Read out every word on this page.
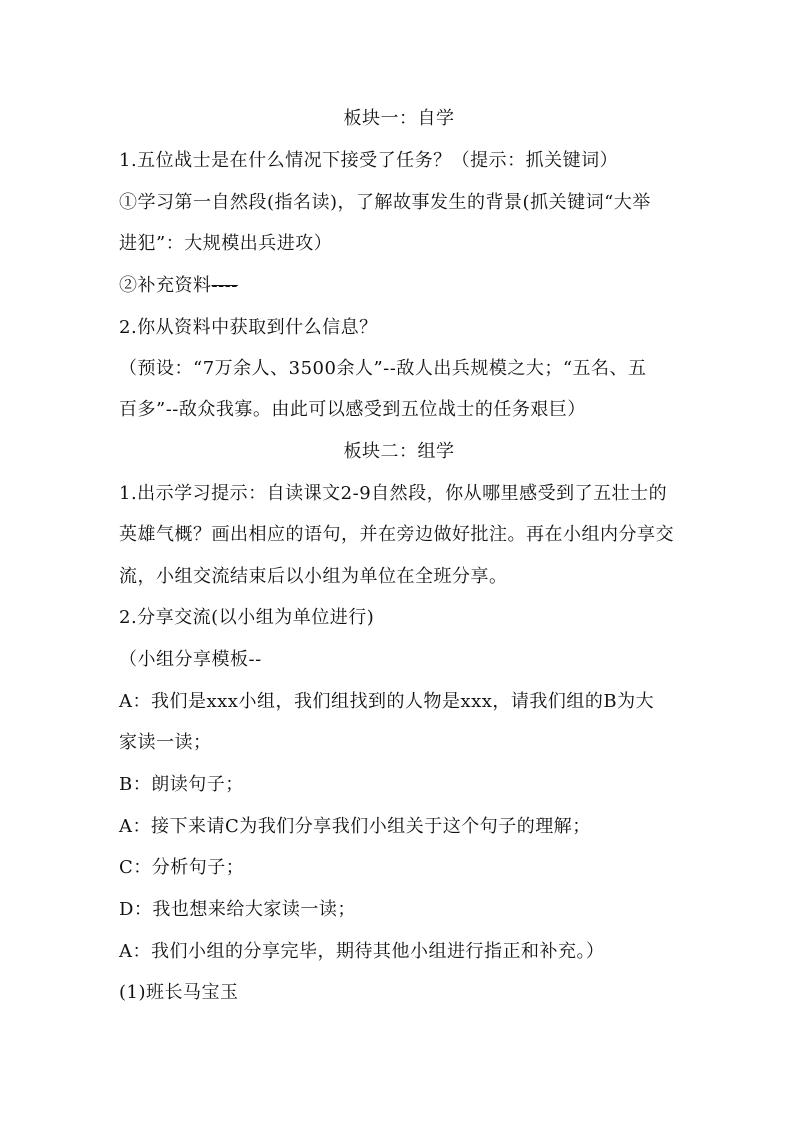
板块一：自学
1.五位战士是在什么情况下接受了任务？（提示：抓关键词）
①学习第一自然段(指名读)，了解故事发生的背景(抓关键词“大举
进犯”：大规模出兵进攻）
②补充资料----
2.你从资料中获取到什么信息？
（预设：“7万余人、3500余人”--敌人出兵规模之大；“五名、五
百多”--敌众我寡。由此可以感受到五位战士的任务艰巨）
板块二：组学
1.出示学习提示：自读课文2-9自然段，你从哪里感受到了五壮士的
英雄气概？画出相应的语句，并在旁边做好批注。再在小组内分享交
流，小组交流结束后以小组为单位在全班分享。
2.分享交流(以小组为单位进行)
（小组分享模板--
A：我们是xxx小组，我们组找到的人物是xxx，请我们组的B为大
家读一读；
B：朗读句子；
A：接下来请C为我们分享我们小组关于这个句子的理解；
C：分析句子；
D：我也想来给大家读一读；
A：我们小组的分享完毕，期待其他小组进行指正和补充。）
(1)班长马宝玉
